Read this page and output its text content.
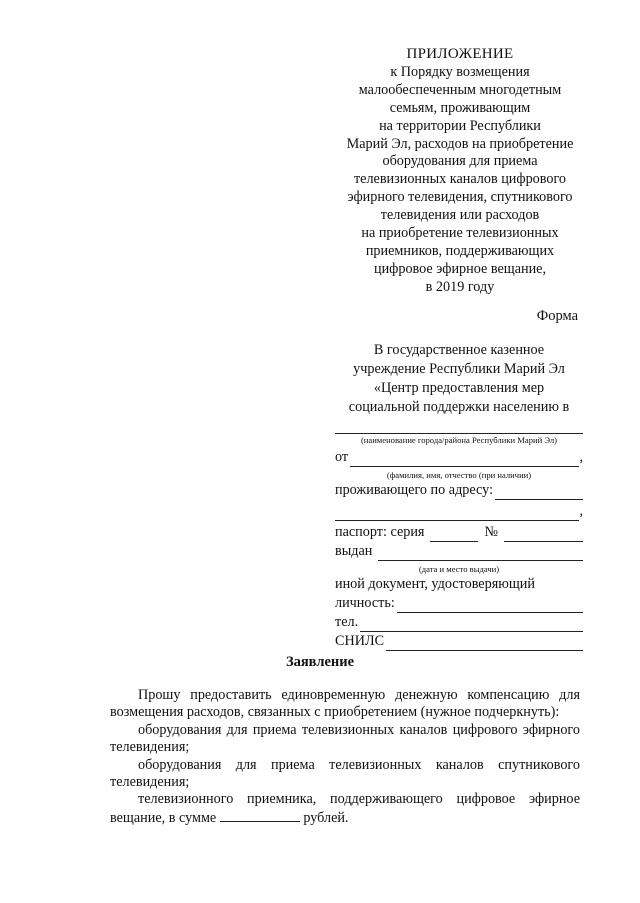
ПРИЛОЖЕНИЕ
к Порядку возмещения
малообеспеченным многодетным
семьям, проживающим
на территории Республики
Марий Эл, расходов на приобретение
оборудования для приема
телевизионных каналов цифрового
эфирного телевидения, спутникового
телевидения или расходов
на приобретение телевизионных
приемников, поддерживающих
цифровое эфирное вещание,
в 2019 году
Форма
В государственное казенное
учреждение Республики Марий Эл
«Центр предоставления мер
социальной поддержки населению в
(наименование города/района Республики Марий Эл)
от	,
(фамилия, имя, отчество (при наличии)
проживающего по адресу:
,
паспорт: серия	№
выдан
(дата и место выдачи)
иной документ, удостоверяющий
личность:
тел.
СНИЛС
Заявление

Прошу предоставить единовременную денежную компенсацию для возмещения расходов, связанных с приобретением (нужное подчеркнуть):

оборудования для приема телевизионных каналов цифрового эфирного телевидения;

оборудования для приема телевизионных каналов спутникового телевидения;

телевизионного приемника, поддерживающего цифровое эфирное вещание, в сумме	рублей.
